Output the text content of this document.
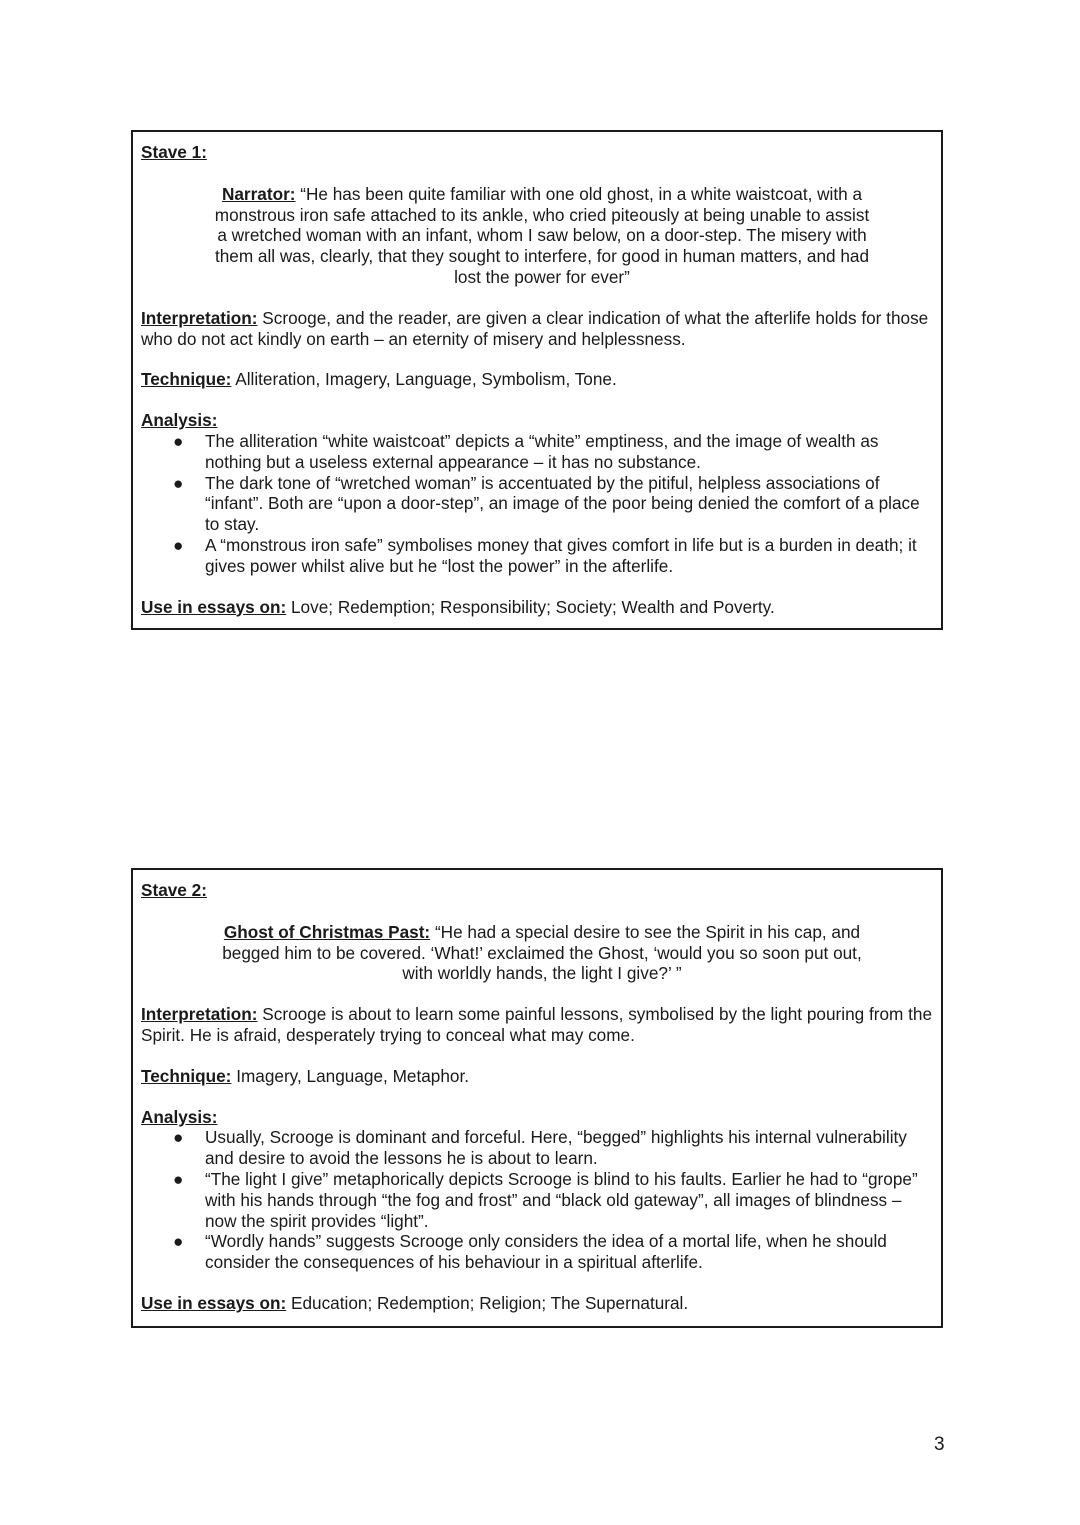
Stave 1:
Narrator: “He has been quite familiar with one old ghost, in a white waistcoat, with a monstrous iron safe attached to its ankle, who cried piteously at being unable to assist a wretched woman with an infant, whom I saw below, on a door-step. The misery with them all was, clearly, that they sought to interfere, for good in human matters, and had lost the power for ever”
Interpretation: Scrooge, and the reader, are given a clear indication of what the afterlife holds for those who do not act kindly on earth – an eternity of misery and helplessness.
Technique: Alliteration, Imagery, Language, Symbolism, Tone.
Analysis:
● The alliteration “white waistcoat” depicts a “white” emptiness, and the image of wealth as nothing but a useless external appearance – it has no substance.
● The dark tone of “wretched woman” is accentuated by the pitiful, helpless associations of “infant”. Both are “upon a door-step”, an image of the poor being denied the comfort of a place to stay.
● A “monstrous iron safe” symbolises money that gives comfort in life but is a burden in death; it gives power whilst alive but he “lost the power” in the afterlife.
Use in essays on: Love; Redemption; Responsibility; Society; Wealth and Poverty.
Stave 2:
Ghost of Christmas Past: “He had a special desire to see the Spirit in his cap, and begged him to be covered. ‘What!’ exclaimed the Ghost, ‘would you so soon put out, with worldly hands, the light I give?’ ”
Interpretation: Scrooge is about to learn some painful lessons, symbolised by the light pouring from the Spirit. He is afraid, desperately trying to conceal what may come.
Technique: Imagery, Language, Metaphor.
Analysis:
● Usually, Scrooge is dominant and forceful. Here, “begged” highlights his internal vulnerability and desire to avoid the lessons he is about to learn.
● “The light I give” metaphorically depicts Scrooge is blind to his faults. Earlier he had to “grope” with his hands through “the fog and frost” and “black old gateway”, all images of blindness – now the spirit provides “light”.
● “Wordly hands” suggests Scrooge only considers the idea of a mortal life, when he should consider the consequences of his behaviour in a spiritual afterlife.
Use in essays on: Education; Redemption; Religion; The Supernatural.
3
